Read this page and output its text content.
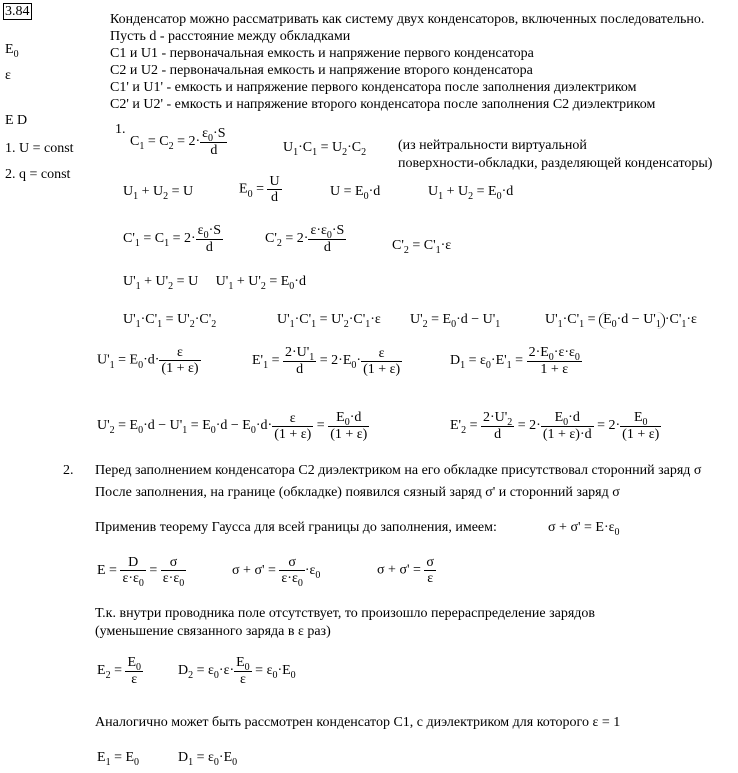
3.84
$E_0$
ε
E D
1. U = const
2. q = const
Конденсатор можно рассматривать как систему двух конденсаторов, включенных последовательно.
Пусть d - расстояние между обкладками
C1 и U1 - первоначальная емкость и напряжение первого конденсатора
C2 и U2 - первоначальная емкость и напряжение второго конденсатора
C1' и U1' - емкость и напряжение первого конденсатора после заполнения диэлектриком
C2' и U2' - емкость и напряжение второго конденсатора после заполнения C2 диэлектриком
1.
$C_1 = C_2 = 2\cdot \frac{\varepsilon_0\cdot S}{d}$	$U_1\cdot C_1 = U_2\cdot C_2$ (из нейтральности виртуальной
поверхности-обкладки, разделяющей конденсаторы)
$U_1 + U_2 = U$	$E_0 = \frac{U}{d}$	$U = E_0\cdot d$	$U_1 + U_2 = E_0\cdot d$
$C'_1 = C_1 = 2\cdot \frac{\varepsilon_0\cdot S}{d}$	$C'_2 = 2\cdot \frac{\varepsilon\cdot\varepsilon_0\cdot S}{d}$	$C'_2 = C'_1\cdot\varepsilon$
$U'_1 + U'_2 = U$     $U'_1 + U'_2 = E_0\cdot d$
$U'_1\cdot C'_1 = U'_2\cdot C'_2$	$U'_1\cdot C'_1 = U'_2\cdot C'_1\cdot\varepsilon$ $U'_2 = E_0\cdot d - U'_1$	$U'_1\cdot C'_1 = E_0\cdot d - U'_1 \cdot C'_1\cdot\varepsilon$
$U'_1 = E_0\cdot d\cdot \frac{\varepsilon}{(1 + \varepsilon)}$	$E'_1 = \frac{2\cdot U'_1}{d} = 2\cdot E_0\cdot \frac{\varepsilon}{(1 + \varepsilon)}$	$D_1 = \varepsilon_0\cdot E'_1 = \frac{2\cdot E_0\cdot\varepsilon\cdot\varepsilon_0}{1 + \varepsilon}$
$U'_2 = E_0\cdot d - U'_1 = E_0\cdot d - E_0\cdot d\cdot \frac{\varepsilon}{(1 + \varepsilon)} = \frac{E_0\cdot d}{(1 + \varepsilon)}$	$E'_2 = \frac{2\cdot U'_2}{d} = 2\cdot \frac{E_0\cdot d}{(1 + \varepsilon)\cdot d} = 2\cdot \frac{E_0}{(1 + \varepsilon)}$
2. Перед заполнением конденсатора C2 диэлектриком на его обкладке присутствовал сторонний заряд σ
После заполнения, на границе (обкладке) появился сязный заряд σ' и сторонний заряд σ
Применив теорему Гаусса для всей границы до заполнения, имеем:	$\sigma + \sigma' = E\cdot\varepsilon_0$
$E = \frac{D}{\varepsilon\cdot\varepsilon_0} = \frac{\sigma}{\varepsilon\cdot\varepsilon_0}$	$\sigma + \sigma' = \frac{\sigma}{\varepsilon\cdot\varepsilon_0} \cdot\varepsilon_0$	$\sigma + \sigma' = \frac{\sigma}{\varepsilon}$
Т.к. внутри проводника поле отсутствует, то произошло перераспределение зарядов
(уменьшение связанного заряда в ε раз)
$E_2 = \frac{E_0}{\varepsilon} D_2 = \varepsilon_0\cdot\varepsilon\cdot \frac{E_0}{\varepsilon} = \varepsilon_0\cdot E_0$
Аналогично может быть рассмотрен конденсатор C1, с диэлектриком для которого ε = 1
$E_1 = E_0$	$D_1 = \varepsilon_0\cdot E_0$
